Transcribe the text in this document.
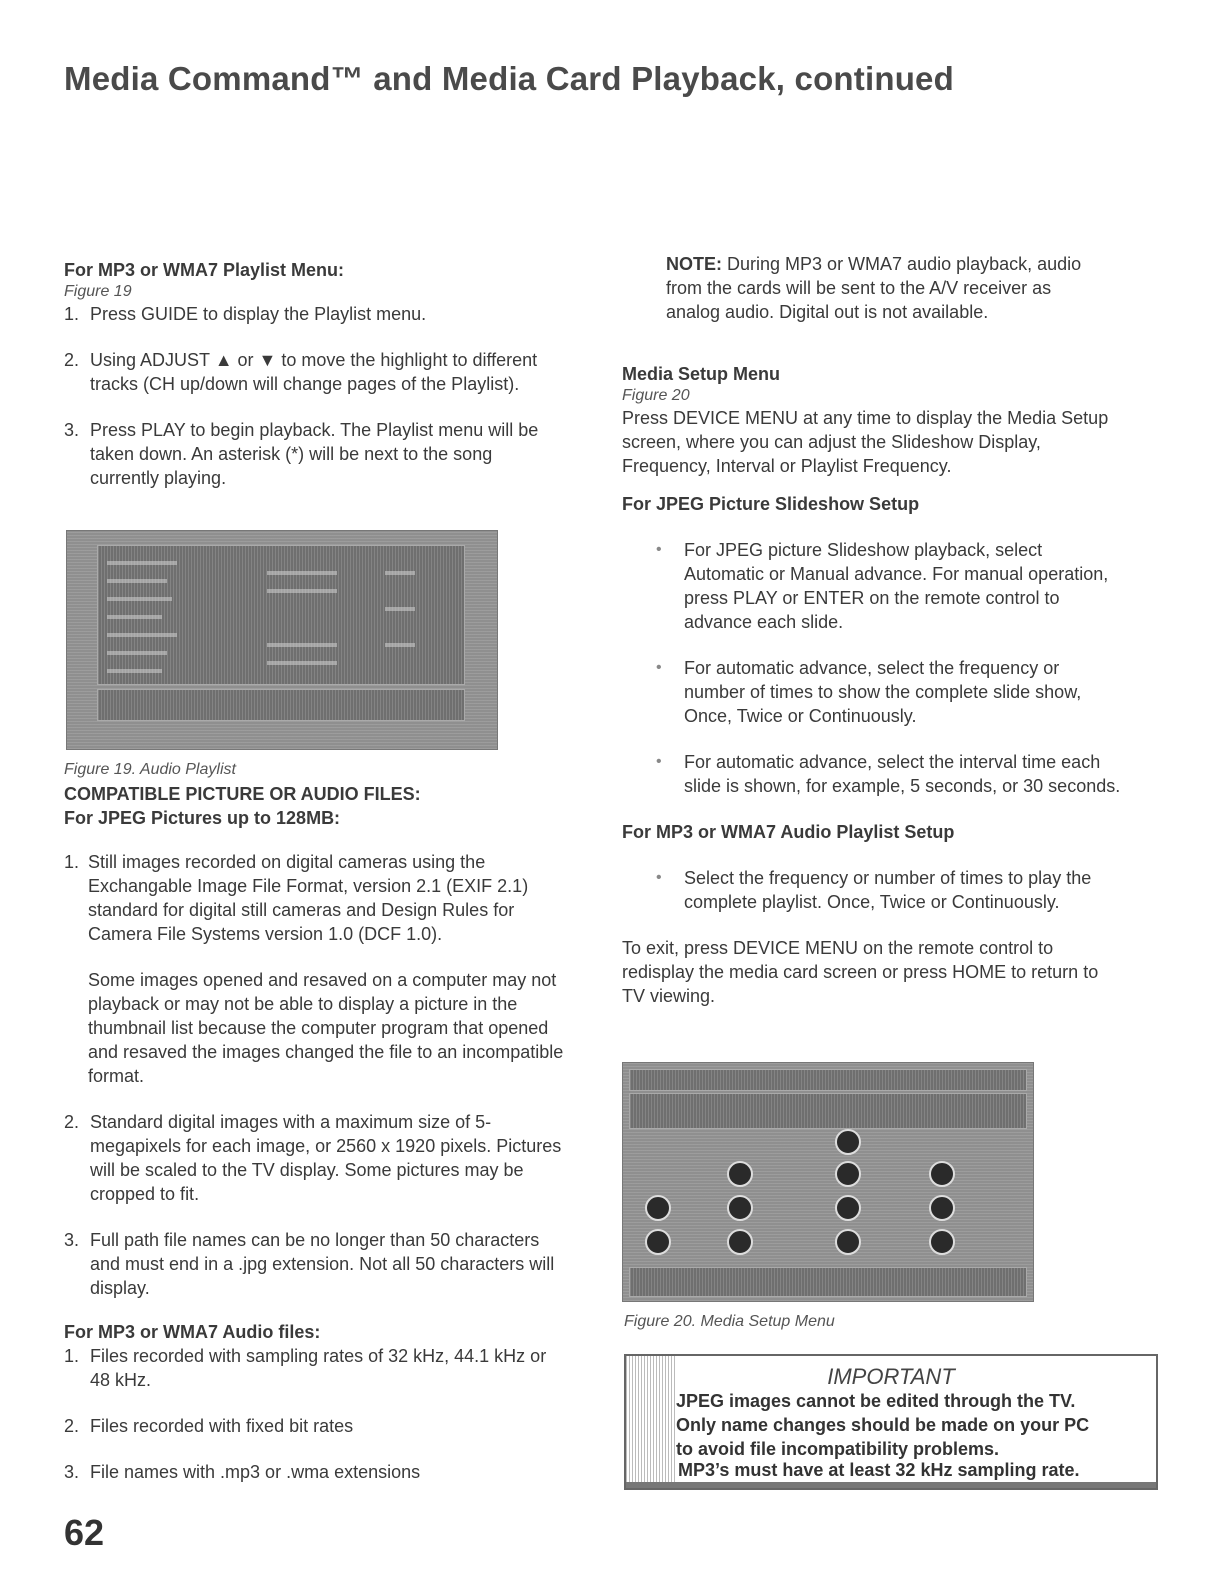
Media Command™ and Media Card Playback, continued
For MP3 or WMA7 Playlist Menu:
Figure 19
1. Press GUIDE to display the Playlist menu.
2. Using ADJUST ▲ or ▼ to move the highlight to different tracks (CH up/down will change pages of the Playlist).
3. Press PLAY to begin playback. The Playlist menu will be taken down. An asterisk (*) will be next to the song currently playing.
Figure 19. Audio Playlist
COMPATIBLE PICTURE OR AUDIO FILES:
For JPEG Pictures up to 128MB:
1. Still images recorded on digital cameras using the Exchangable Image File Format, version 2.1 (EXIF 2.1) standard for digital still cameras and Design Rules for Camera File Systems version 1.0 (DCF 1.0).

Some images opened and resaved on a computer may not playback or may not be able to display a picture in the thumbnail list because the computer program that opened and resaved the images changed the file to an incompatible format.

2. Standard digital images with a maximum size of 5-megapixels for each image, or 2560 x 1920 pixels. Pictures will be scaled to the TV display. Some pictures may be cropped to fit.
3. Full path file names can be no longer than 50 characters and must end in a .jpg extension. Not all 50 characters will display.
For MP3 or WMA7 Audio files:
1. Files recorded with sampling rates of 32 kHz, 44.1 kHz or 48 kHz.
2. Files recorded with fixed bit rates
3. File names with .mp3 or .wma extensions

NOTE: During MP3 or WMA7 audio playback, audio from the cards will be sent to the A/V receiver as analog audio. Digital out is not available.

Media Setup Menu
Figure 20

Press DEVICE MENU at any time to display the Media Setup screen, where you can adjust the Slideshow Display, Frequency, Interval or Playlist Frequency.

For JPEG Picture Slideshow Setup
• For JPEG picture Slideshow playback, select Automatic or Manual advance. For manual operation, press PLAY or ENTER on the remote control to advance each slide.
• For automatic advance, select the frequency or number of times to show the complete slide show, Once, Twice or Continuously.
• For automatic advance, select the interval time each slide is shown, for example, 5 seconds, or 30 seconds.
For MP3 or WMA7 Audio Playlist Setup
• Select the frequency or number of times to play the complete playlist. Once, Twice or Continuously.

To exit, press DEVICE MENU on the remote control to redisplay the media card screen or press HOME to return to TV viewing.

Figure 20. Media Setup Menu
IMPORTANT
JPEG images cannot be edited through the TV.
Only name changes should be made on your PC
to avoid file incompatibility problems.
MP3’s must have at least 32 kHz sampling rate.
62
